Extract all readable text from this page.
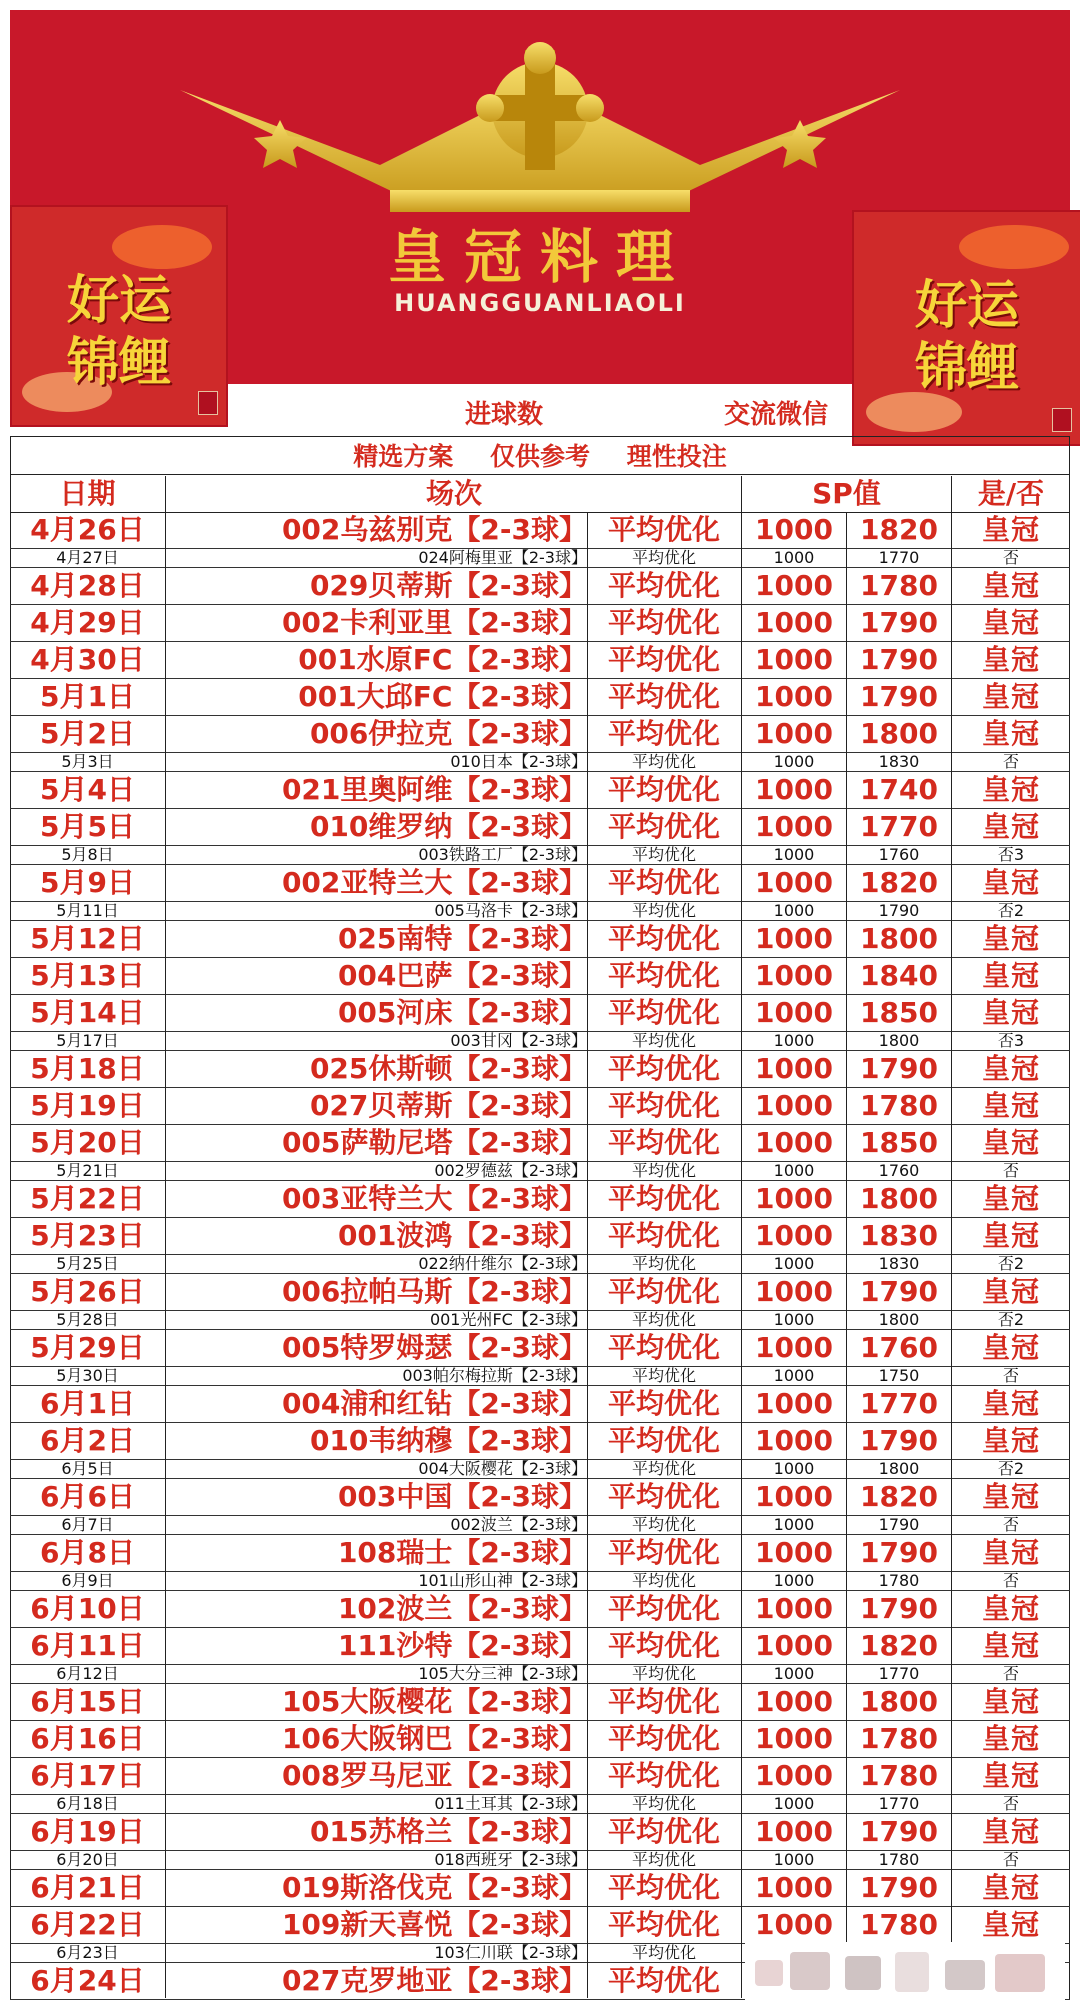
皇冠料理
HUANGGUANLIAOLI
好运
锦鲤
好运
锦鲤
进球数	交流微信
精选方案 仅供参考 理性投注
日期	场次	SP值	是/否
4月26日	002乌兹别克【2-3球】 平均优化	1000 1820	皇冠
4月27日	024阿梅里亚【2-3球】	平均优化	1000	1770	否
4月28日	029贝蒂斯【2-3球】 平均优化	1000 1780	皇冠
4月29日	002卡利亚里【2-3球】 平均优化	1000 1790	皇冠
4月30日	001水原FC【2-3球】 平均优化	1000 1790	皇冠
5月1日	001大邱FC【2-3球】 平均优化	1000 1790	皇冠
5月2日	006伊拉克【2-3球】 平均优化	1000 1800	皇冠
5月3日	010日本【2-3球】	平均优化	1000	1830	否
5月4日	021里奥阿维【2-3球】 平均优化	1000 1740	皇冠
5月5日	010维罗纳【2-3球】 平均优化	1000 1770	皇冠
5月8日	003铁路工厂【2-3球】	平均优化	1000	1760	否3
5月9日	002亚特兰大【2-3球】 平均优化	1000 1820	皇冠
5月11日	005马洛卡【2-3球】	平均优化	1000	1790	否2
5月12日	025南特【2-3球】 平均优化	1000 1800	皇冠
5月13日	004巴萨【2-3球】 平均优化	1000 1840	皇冠
5月14日	005河床【2-3球】 平均优化	1000 1850	皇冠
5月17日	003甘冈【2-3球】	平均优化	1000	1800	否3
5月18日	025休斯顿【2-3球】 平均优化	1000 1790	皇冠
5月19日	027贝蒂斯【2-3球】 平均优化	1000 1780	皇冠
5月20日	005萨勒尼塔【2-3球】 平均优化	1000 1850	皇冠
5月21日	002罗德兹【2-3球】	平均优化	1000	1760	否
5月22日	003亚特兰大【2-3球】 平均优化	1000 1800	皇冠
5月23日	001波鸿【2-3球】 平均优化	1000 1830	皇冠
5月25日	022纳什维尔【2-3球】	平均优化	1000	1830	否2
5月26日	006拉帕马斯【2-3球】 平均优化	1000 1790	皇冠
5月28日	001光州FC【2-3球】	平均优化	1000	1800	否2
5月29日	005特罗姆瑟【2-3球】 平均优化	1000 1760	皇冠
5月30日	003帕尔梅拉斯【2-3球】	平均优化	1000	1750	否
6月1日	004浦和红钻【2-3球】 平均优化	1000 1770	皇冠
6月2日	010韦纳穆【2-3球】 平均优化	1000 1790	皇冠
6月5日	004大阪樱花【2-3球】	平均优化	1000	1800	否2
6月6日	003中国【2-3球】 平均优化	1000 1820	皇冠
6月7日	002波兰【2-3球】	平均优化	1000	1790	否
6月8日	108瑞士【2-3球】 平均优化	1000 1790	皇冠
6月9日	101山形山神【2-3球】	平均优化	1000	1780	否
6月10日	102波兰【2-3球】 平均优化	1000 1790	皇冠
6月11日	111沙特【2-3球】 平均优化	1000 1820	皇冠
6月12日	105大分三神【2-3球】	平均优化	1000	1770	否
6月15日	105大阪樱花【2-3球】 平均优化	1000 1800	皇冠
6月16日	106大阪钢巴【2-3球】 平均优化	1000 1780	皇冠
6月17日	008罗马尼亚【2-3球】 平均优化	1000 1780	皇冠
6月18日	011土耳其【2-3球】	平均优化	1000	1770	否
6月19日	015苏格兰【2-3球】 平均优化	1000 1790	皇冠
6月20日	018西班牙【2-3球】	平均优化	1000	1780	否
6月21日	019斯洛伐克【2-3球】 平均优化	1000 1790	皇冠
6月22日	109新天喜悦【2-3球】 平均优化	1000 1780	皇冠
6月23日	103仁川联【2-3球】	平均优化
6月24日	027克罗地亚【2-3球】 平均优化
